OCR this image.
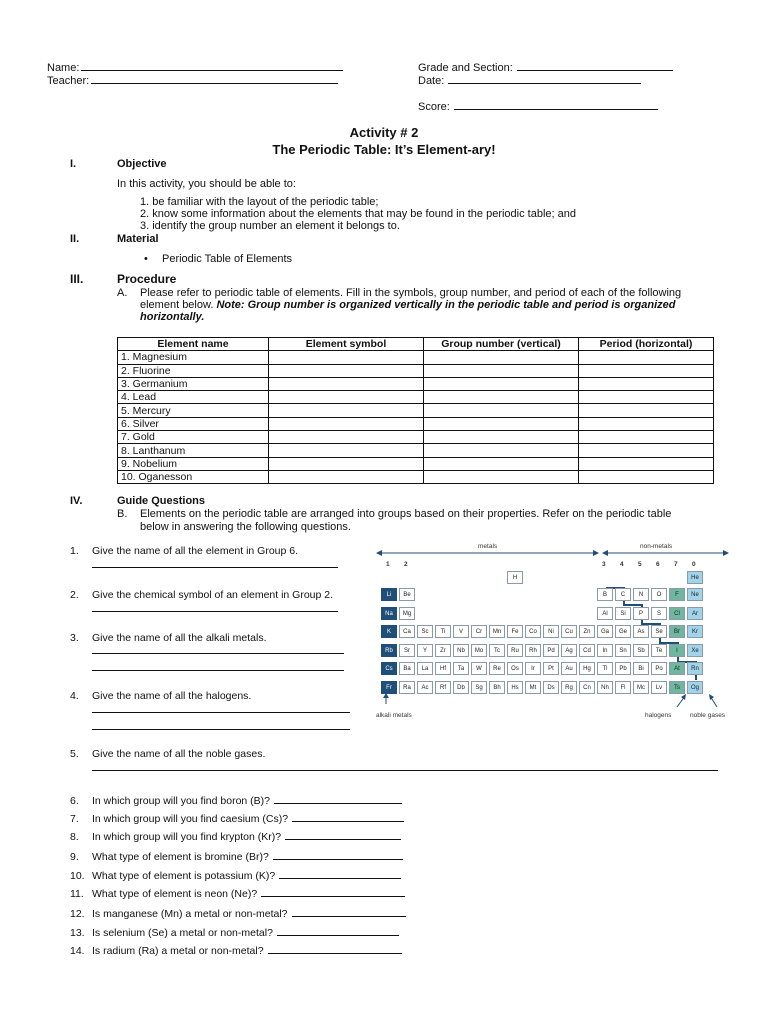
Name:
Teacher:
Grade and Section:
Date:
Score:
Activity # 2
The Periodic Table: It’s Element-ary!
I.	Objective
In this activity, you should be able to:
1. be familiar with the layout of the periodic table;
2. know some information about the elements that may be found in the periodic table; and
3. identify the group number an element it belongs to.
II.	Material
• Periodic Table of Elements
III.	Procedure
A. Please refer to periodic table of elements. Fill in the symbols, group number, and period of each of the following
element below. Note: Group number is organized vertically in the periodic table and period is organized
horizontally.
Element name	Element symbol	Group number (vertical)	Period (horizontal)
1. Magnesium			
2. Fluorine			
3. Germanium			
4. Lead			
5. Mercury			
6. Silver			
7. Gold			
8. Lanthanum			
9. Nobelium			
10. Oganesson			
IV.	Guide Questions
B. Elements on the periodic table are arranged into groups based on their properties. Refer on the periodic table
below in answering the following questions.
1. Give the name of all the element in Group 6.
2. Give the chemical symbol of an element in Group 2.
3. Give the name of all the alkali metals.
4. Give the name of all the halogens.
5. Give the name of all the noble gases.
6. In which group will you find boron (B)?
7. In which group will you find caesium (Cs)?
8. In which group will you find krypton (Kr)?
9. What type of element is bromine (Br)?
10. What type of element is potassium (K)?
11. What type of element is neon (Ne)?
12. Is manganese (Mn) a metal or non-metal?
13. Is selenium (Se) a metal or non-metal?
14. Is radium (Ra) a metal or non-metal?
metals	non-metals
1 2	3 4 5 6 7 0
H	He
Li	Be	B	C	N	O	F	Ne
Na	Mg	Al	Si	P	S	Cl	Ar
K	Ca	Sc	Ti	V	Cr	Mn	Fe	Co	Ni	Cu	Zn	Ga	Ge	As	Se	Br	Kr
Rb	Sr	Y	Zr	Nb	Mo	Tc	Ru	Rh	Pd	Ag	Cd	In	Sn	Sb	Te	I	Xe
Cs	Ba	La	Hf	Ta	W	Re	Os	Ir	Pt	Au	Hg	Tl	Pb	Bi	Po	At	Rn
Fr	Ra	Ac	Rf	Db	Sg	Bh	Hs	Mt	Ds	Rg	Cn	Nh	Fl	Mc	Lv	Ts	Og
alkali metals	halogens	noble gases
